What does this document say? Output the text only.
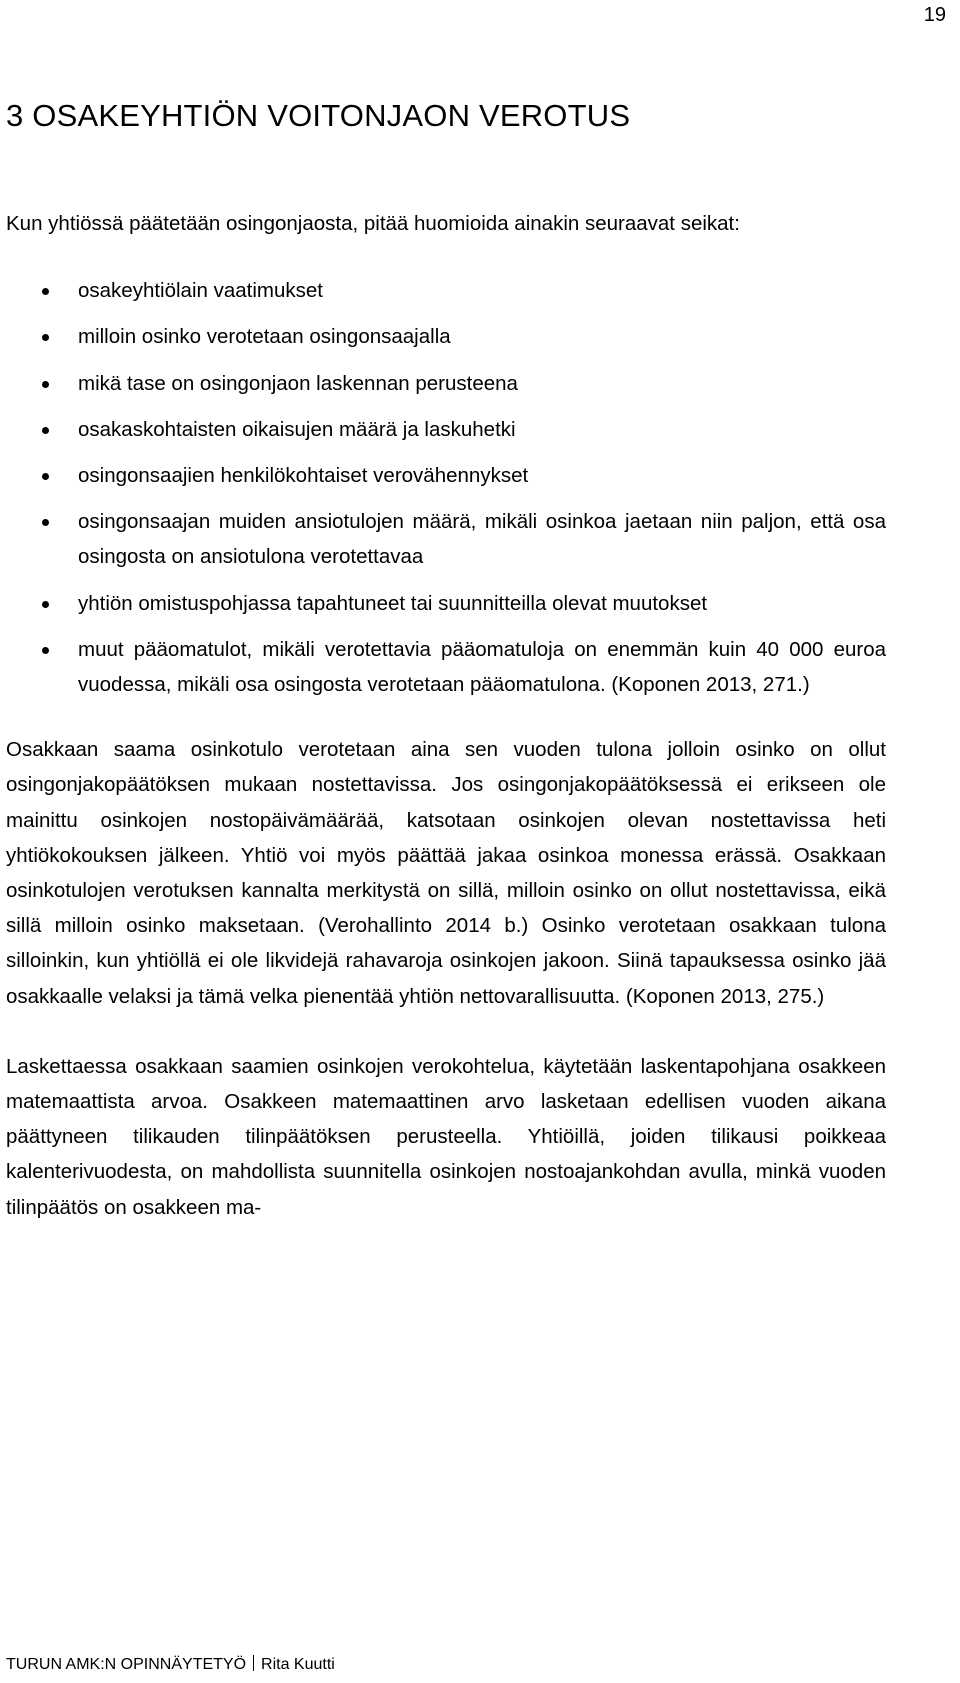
19
3 OSAKEYHTIÖN VOITONJAON VEROTUS

Kun yhtiössä päätetään osingonjaosta, pitää huomioida ainakin seuraavat seikat:

osakeyhtiölain vaatimukset
milloin osinko verotetaan osingonsaajalla
mikä tase on osingonjaon laskennan perusteena
osakaskohtaisten oikaisujen määrä ja laskuhetki
osingonsaajien henkilökohtaiset verovähennykset
osingonsaajan muiden ansiotulojen määrä, mikäli osinkoa jaetaan niin paljon, että osa osingosta on ansiotulona verotettavaa
yhtiön omistuspohjassa tapahtuneet tai suunnitteilla olevat muutokset
muut pääomatulot, mikäli verotettavia pääomatuloja on enemmän kuin 40 000 euroa vuodessa, mikäli osa osingosta verotetaan pääomatulona. (Koponen 2013, 271.)

Osakkaan saama osinkotulo verotetaan aina sen vuoden tulona jolloin osinko on ollut osingonjakopäätöksen mukaan nostettavissa. Jos osingonjakopäätöksessä ei erikseen ole mainittu osinkojen nostopäivämäärää, katsotaan osinkojen olevan nostettavissa heti yhtiökokouksen jälkeen. Yhtiö voi myös päättää jakaa osinkoa monessa erässä. Osakkaan osinkotulojen verotuksen kannalta merkitystä on sillä, milloin osinko on ollut nostettavissa, eikä sillä milloin osinko maksetaan. (Verohallinto 2014 b.) Osinko verotetaan osakkaan tulona silloinkin, kun yhtiöllä ei ole likvidejä rahavaroja osinkojen jakoon. Siinä tapauksessa osinko jää osakkaalle velaksi ja tämä velka pienentää yhtiön nettovarallisuutta. (Koponen 2013, 275.)

Laskettaessa osakkaan saamien osinkojen verokohtelua, käytetään laskentapohjana osakkeen matemaattista arvoa. Osakkeen matemaattinen arvo lasketaan edellisen vuoden aikana päättyneen tilikauden tilinpäätöksen perusteella. Yhtiöillä, joiden tilikausi poikkeaa kalenterivuodesta, on mahdollista suunnitella osinkojen nostoajankohdan avulla, minkä vuoden tilinpäätös on osakkeen ma-

TURUN AMK:N OPINNÄYTETYÖ Rita Kuutti
